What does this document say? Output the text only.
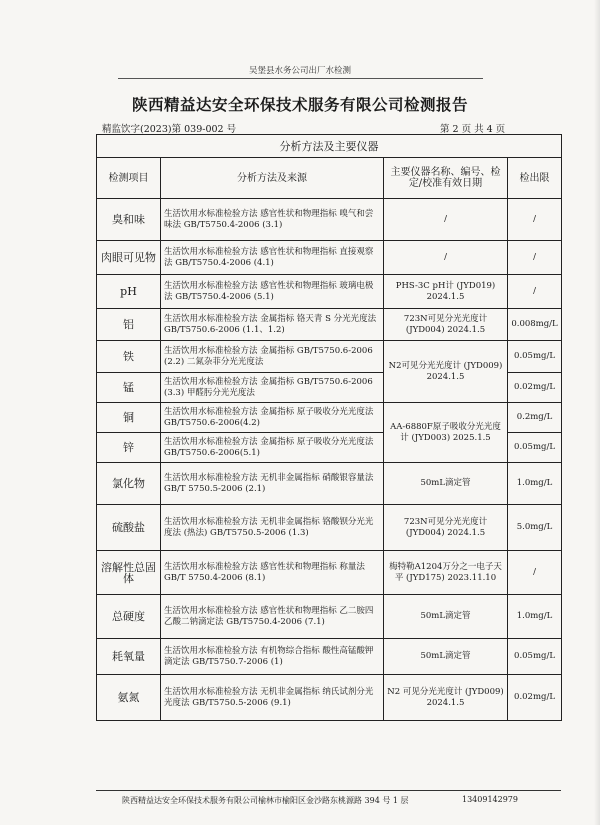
吴堡县水务公司出厂水检测
陕西精益达安全环保技术服务有限公司检测报告
精监饮字(2023)第 039-002 号	第 2 页 共 4 页
分析方法及主要仪器			
检测项目	分析方法及来源	主要仪器名称、编号、检定/校准有效日期	检出限
臭和味	生活饮用水标准检验方法 感官性状和物理指标 嗅气和尝味法 GB/T5750.4-2006 (3.1)	/	/
肉眼可见物	生活饮用水标准检验方法 感官性状和物理指标 直接观察法 GB/T5750.4-2006 (4.1)	/	/
pH	生活饮用水标准检验方法 感官性状和物理指标 玻璃电极法 GB/T5750.4-2006 (5.1)	PHS-3C pH计 (JYD019) 2024.1.5	/
铝	生活饮用水标准检验方法 金属指标 铬天青 S 分光光度法 GB/T5750.6-2006 (1.1、1.2)	723N可见分光光度计 (JYD004) 2024.1.5	0.008mg/L
铁	生活饮用水标准检验方法 金属指标 GB/T5750.6-2006 (2.2) 二氮杂菲分光光度法	N2可见分光光度计 (JYD009) 2024.1.5	0.05mg/L
锰	生活饮用水标准检验方法 金属指标 GB/T5750.6-2006 (3.3) 甲醛肟分光光度法		0.02mg/L
铜	生活饮用水标准检验方法 金属指标 原子吸收分光光度法 GB/T5750.6-2006(4.2)	AA-6880F原子吸收分光光度计 (JYD003) 2025.1.5	0.2mg/L
锌	生活饮用水标准检验方法 金属指标 原子吸收分光光度法 GB/T5750.6-2006(5.1)		0.05mg/L
氯化物	生活饮用水标准检验方法 无机非金属指标 硝酸银容量法 GB/T 5750.5-2006 (2.1)	50mL滴定管	1.0mg/L
硫酸盐	生活饮用水标准检验方法 无机非金属指标 铬酸钡分光光度法 (热法) GB/T5750.5-2006 (1.3)	723N可见分光光度计 (JYD004) 2024.1.5	5.0mg/L
溶解性总固体	生活饮用水标准检验方法 感官性状和物理指标 称量法 GB/T 5750.4-2006 (8.1)	梅特勒A1204万分之一电子天平 (JYD175) 2023.11.10	/
总硬度	生活饮用水标准检验方法 感官性状和物理指标 乙二胺四乙酸二钠滴定法 GB/T5750.4-2006 (7.1)	50mL滴定管	1.0mg/L
耗氧量	生活饮用水标准检验方法 有机物综合指标 酸性高锰酸钾滴定法 GB/T5750.7-2006 (1)	50mL滴定管	0.05mg/L
氨氮	生活饮用水标准检验方法 无机非金属指标 纳氏试剂分光光度法 GB/T5750.5-2006 (9.1)	N2 可见分光光度计 (JYD009) 2024.1.5	0.02mg/L
陕西精益达安全环保技术服务有限公司榆林市榆阳区金沙路东桃源路 394 号 1 层	13409142979
